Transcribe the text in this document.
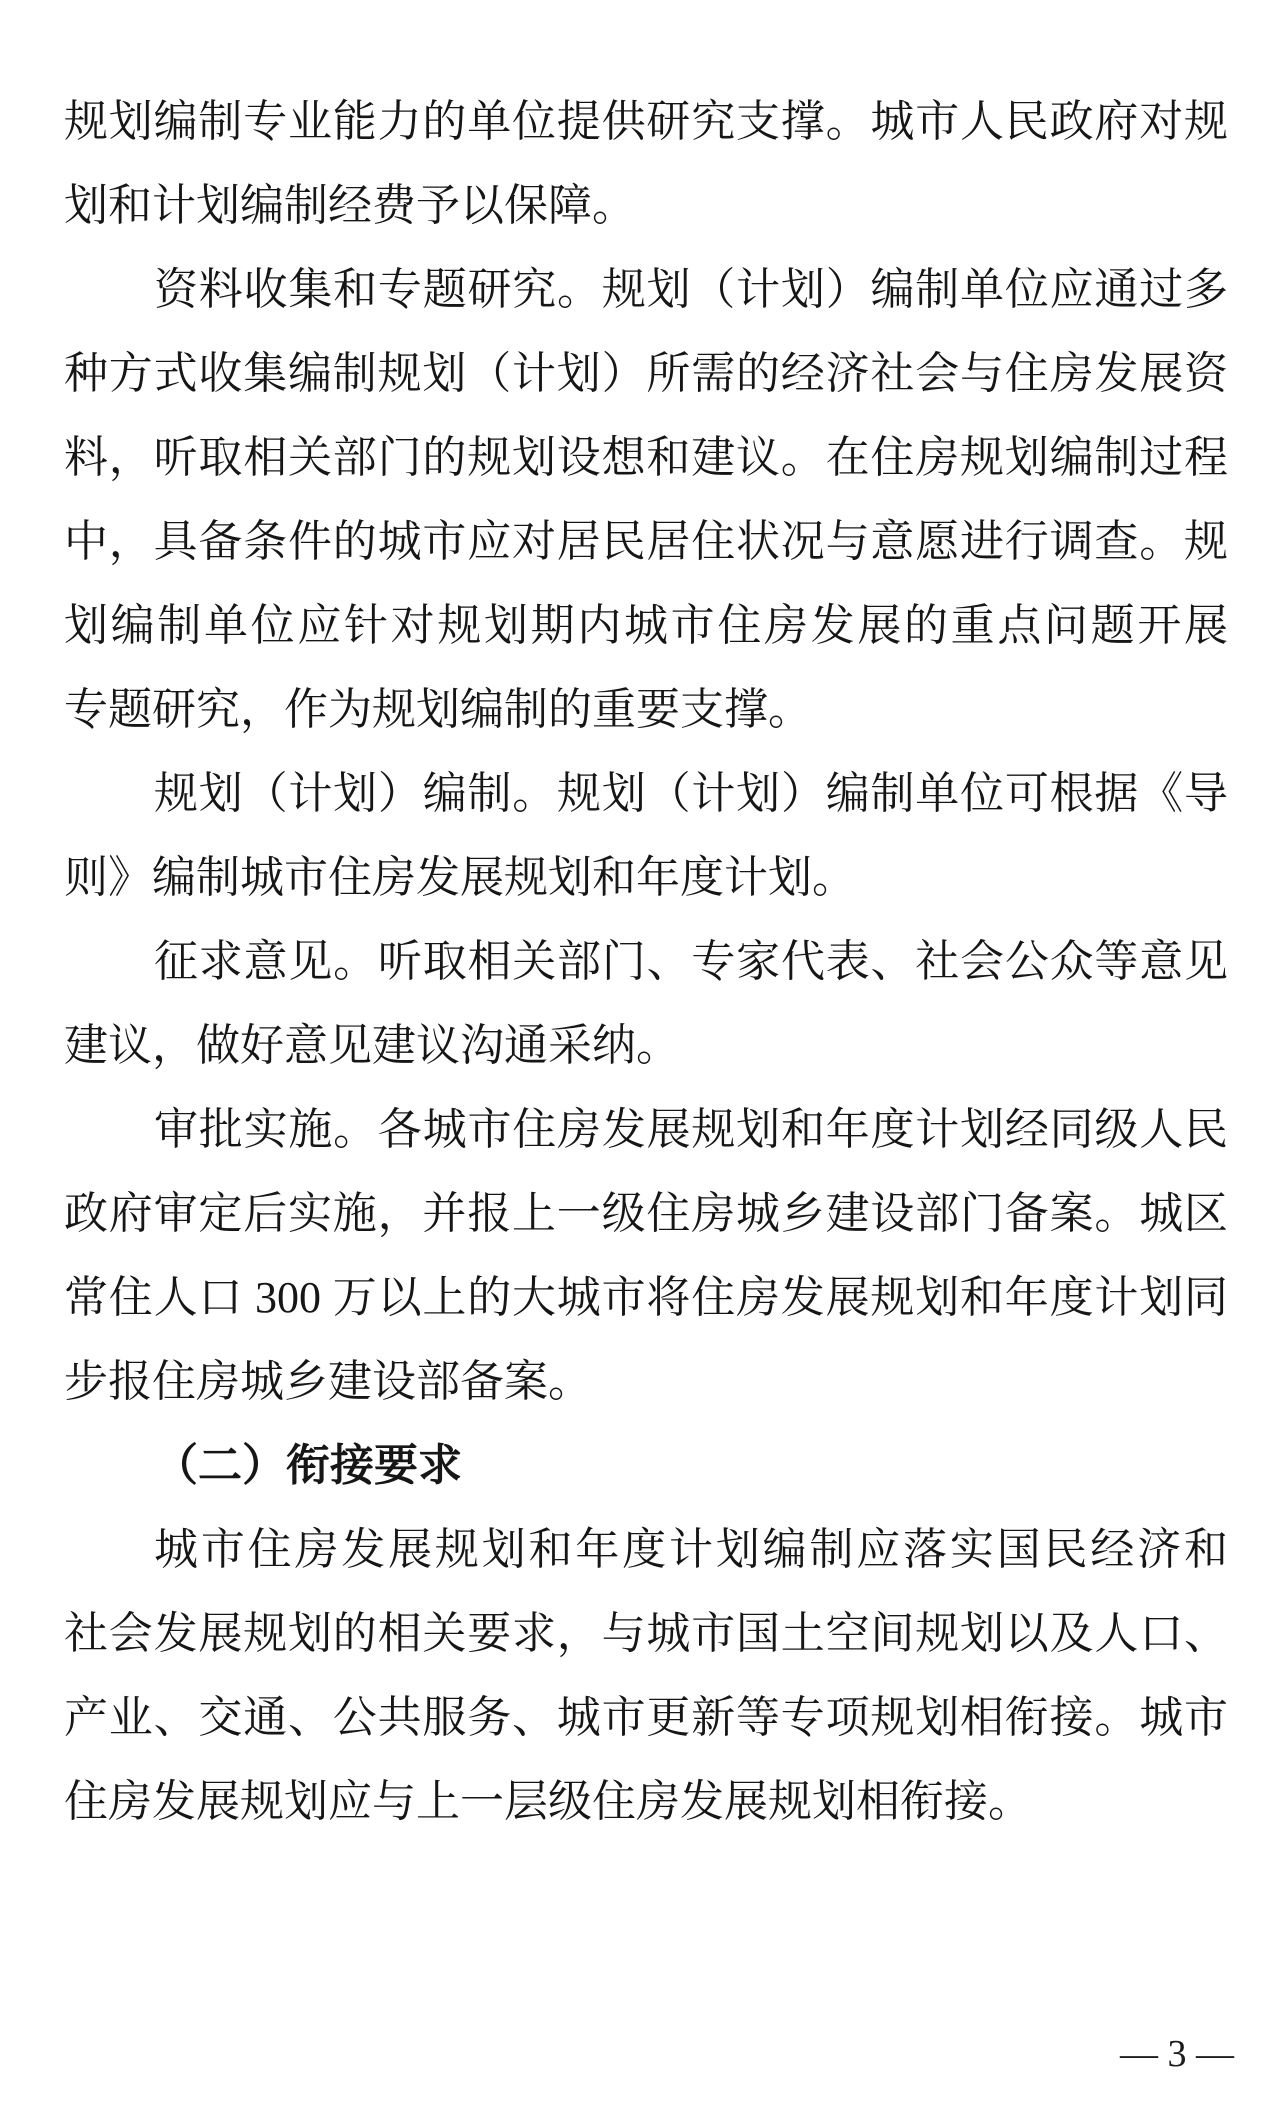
规划编制专业能力的单位提供研究支撑。城市人民政府对规
划和计划编制经费予以保障。
资料收集和专题研究。规划（计划）编制单位应通过多
种方式收集编制规划（计划）所需的经济社会与住房发展资
料，听取相关部门的规划设想和建议。在住房规划编制过程
中，具备条件的城市应对居民居住状况与意愿进行调查。规
划编制单位应针对规划期内城市住房发展的重点问题开展
专题研究，作为规划编制的重要支撑。
规划（计划）编制。规划（计划）编制单位可根据《导
则》编制城市住房发展规划和年度计划。
征求意见。听取相关部门、专家代表、社会公众等意见
建议，做好意见建议沟通采纳。
审批实施。各城市住房发展规划和年度计划经同级人民
政府审定后实施，并报上一级住房城乡建设部门备案。城区
常住人口 300 万以上的大城市将住房发展规划和年度计划同
步报住房城乡建设部备案。
（二）衔接要求
城市住房发展规划和年度计划编制应落实国民经济和
社会发展规划的相关要求，与城市国土空间规划以及人口、
产业、交通、公共服务、城市更新等专项规划相衔接。城市
住房发展规划应与上一层级住房发展规划相衔接。
— 3 —
